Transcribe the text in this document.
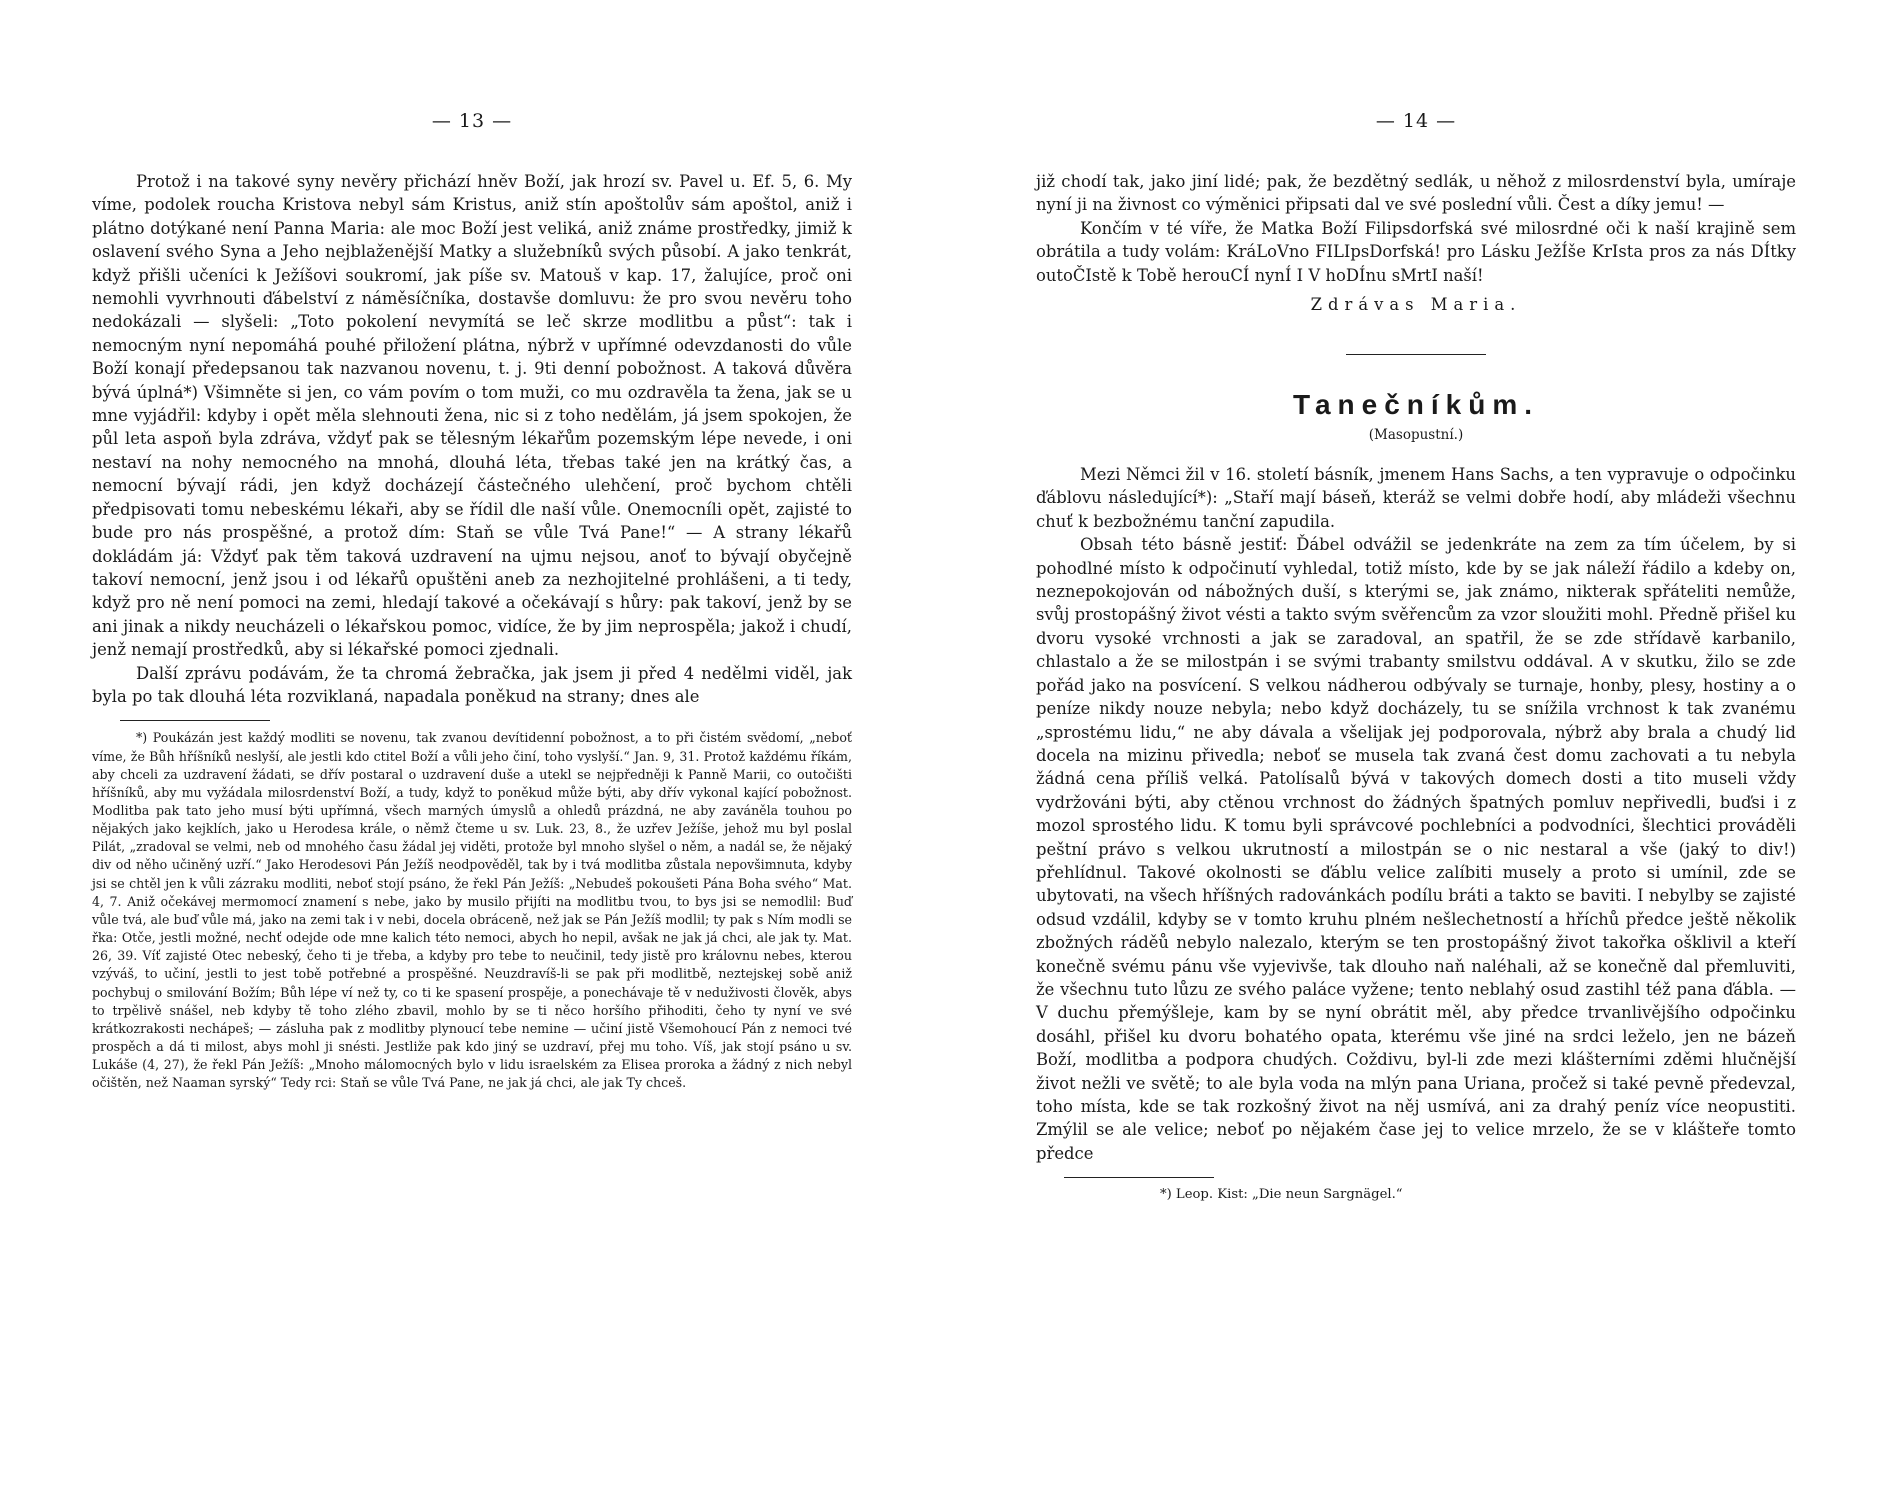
— 13 —

Protož i na takové syny nevěry přichází hněv Boží, jak hrozí sv. Pavel u. Ef. 5, 6. My víme, podolek roucha Kristova nebyl sám Kristus, aniž stín apoštolův sám apoštol, aniž i plátno dotýkané není Panna Maria: ale moc Boží jest veliká, aniž známe prostředky, jimiž k oslavení svého Syna a Jeho nejblaženější Matky a služebníků svých působí. A jako tenkrát, když přišli učeníci k Ježíšovi soukromí, jak píše sv. Matouš v kap. 17, žalujíce, proč oni nemohli vyvrhnouti ďábelství z náměsíčníka, dostavše domluvu: že pro svou nevěru toho nedokázali — slyšeli: „Toto pokolení nevymítá se leč skrze modlitbu a půst“: tak i nemocným nyní nepomáhá pouhé přiložení plátna, nýbrž v upřímné odevzdanosti do vůle Boží konají předepsanou tak nazvanou novenu, t. j. 9ti denní pobožnost. A taková důvěra bývá úplná*) Všimněte si jen, co vám povím o tom muži, co mu ozdravěla ta žena, jak se u mne vyjádřil: kdyby i opět měla slehnouti žena, nic si z toho nedělám, já jsem spokojen, že půl leta aspoň byla zdráva, vždyť pak se tělesným lékařům pozemským lépe nevede, i oni nestaví na nohy nemocného na mnohá, dlouhá léta, třebas také jen na krátký čas, a nemocní bývají rádi, jen když docházejí částečného ulehčení, proč bychom chtěli předpisovati tomu nebeskému lékaři, aby se řídil dle naší vůle. Onemocníli opět, zajisté to bude pro nás prospěšné, a protož dím: Staň se vůle Tvá Pane!“ — A strany lékařů dokládám já: Vždyť pak těm taková uzdravení na ujmu nejsou, anoť to bývají obyčejně takoví nemocní, jenž jsou i od lékařů opuštěni aneb za nezhojitelné prohlášeni, a ti tedy, když pro ně není pomoci na zemi, hledají takové a očekávají s hůry: pak takoví, jenž by se ani jinak a nikdy neucházeli o lékařskou pomoc, vidíce, že by jim neprospěla; jakož i chudí, jenž nemají prostředků, aby si lékařské pomoci zjednali.

Další zprávu podávám, že ta chromá žebračka, jak jsem ji před 4 nedělmi viděl, jak byla po tak dlouhá léta rozviklaná, napadala poněkud na strany; dnes ale

*) Poukázán jest každý modliti se novenu, tak zvanou devítidenní pobožnost, a to při čistém svědomí, „neboť víme, že Bůh hříšníků neslyší, ale jestli kdo ctitel Boží a vůli jeho činí, toho vyslyší.“ Jan. 9, 31. Protož každému říkám, aby chceli za uzdravení žádati, se dřív postaral o uzdravení duše a utekl se nejpředněji k Panně Marii, co outočišti hříšníků, aby mu vyžádala milosrdenství Boží, a tudy, když to poněkud může býti, aby dřív vykonal kající pobožnost. Modlitba pak tato jeho musí býti upřímná, všech marných úmyslů a ohledů prázdná, ne aby zaváněla touhou po nějakých jako kejklích, jako u Herodesa krále, o němž čteme u sv. Luk. 23, 8., že uzřev Ježíše, jehož mu byl poslal Pilát, „zradoval se velmi, neb od mnohého času žádal jej viděti, protože byl mnoho slyšel o něm, a nadál se, že nějaký div od něho učiněný uzří.“ Jako Herodesovi Pán Ježíš neodpověděl, tak by i tvá modlitba zůstala nepovšimnuta, kdyby jsi se chtěl jen k vůli zázraku modliti, neboť stojí psáno, že řekl Pán Ježíš: „Nebudeš pokoušeti Pána Boha svého“ Mat. 4, 7. Aniž očekávej mermomocí znamení s nebe, jako by musilo přijíti na modlitbu tvou, to bys jsi se nemodlil: Buď vůle tvá, ale buď vůle má, jako na zemi tak i v nebi, docela obráceně, než jak se Pán Ježíš modlil; ty pak s Ním modli se řka: Otče, jestli možné, nechť odejde ode mne kalich této nemoci, abych ho nepil, avšak ne jak já chci, ale jak ty. Mat. 26, 39. Víť zajisté Otec nebeský, čeho ti je třeba, a kdyby pro tebe to neučinil, tedy jistě pro královnu nebes, kterou vzýváš, to učiní, jestli to jest tobě potřebné a prospěšné. Neuzdravíš-li se pak při modlitbě, neztejskej sobě aniž pochybuj o smilování Božím; Bůh lépe ví než ty, co ti ke spasení prospěje, a ponechávaje tě v neduživosti člověk, abys to trpělivě snášel, neb kdyby tě toho zlého zbavil, mohlo by se ti něco horšího přihoditi, čeho ty nyní ve své krátkozrakosti nechápeš; — zásluha pak z modlitby plynoucí tebe nemine — učiní jistě Všemohoucí Pán z nemoci tvé prospěch a dá ti milost, abys mohl ji snésti. Jestliže pak kdo jiný se uzdraví, přej mu toho. Víš, jak stojí psáno u sv. Lukáše (4, 27), že řekl Pán Ježíš: „Mnoho málomocných bylo v lidu israelském za Elisea proroka a žádný z nich nebyl očištěn, než Naaman syrský“ Tedy rci: Staň se vůle Tvá Pane, ne jak já chci, ale jak Ty chceš.

— 14 —

již chodí tak, jako jiní lidé; pak, že bezdětný sedlák, u něhož z milosrdenství byla, umíraje nyní ji na živnost co výměnici připsati dal ve své poslední vůli. Čest a díky jemu! —

Končím v té víře, že Matka Boží Filipsdorfská své milosrdné oči k naší krajině sem obrátila a tudy volám: KráLoVno FILIpsDorfská! pro Lásku JežÍše KrIsta pros za nás DÍtky outoČIstě k Tobě herouCÍ nynÍ I V hoDÍnu sMrtI naší!

Zdrávas Maria.

Tanečníkům.
(Masopustní.)

Mezi Němci žil v 16. století básník, jmenem Hans Sachs, a ten vypravuje o odpočinku ďáblovu následující*): „Staří mají báseň, kteráž se velmi dobře hodí, aby mládeži všechnu chuť k bezbožnému tanční zapudila.

Obsah této básně jestiť: Ďábel odvážil se jedenkráte na zem za tím účelem, by si pohodlné místo k odpočinutí vyhledal, totiž místo, kde by se jak náleží řádilo a kdeby on, neznepokojován od nábožných duší, s kterými se, jak známo, nikterak spřáteliti nemůže, svůj prostopášný život vésti a takto svým svěřencům za vzor sloužiti mohl. Předně přišel ku dvoru vysoké vrchnosti a jak se zaradoval, an spatřil, že se zde střídavě karbanilo, chlastalo a že se milostpán i se svými trabanty smilstvu oddával. A v skutku, žilo se zde pořád jako na posvícení. S velkou nádherou odbývaly se turnaje, honby, plesy, hostiny a o peníze nikdy nouze nebyla; nebo když docházely, tu se snížila vrchnost k tak zvanému „sprostému lidu,“ ne aby dávala a všelijak jej podporovala, nýbrž aby brala a chudý lid docela na mizinu přivedla; neboť se musela tak zvaná čest domu zachovati a tu nebyla žádná cena příliš velká. Patolísalů bývá v takových domech dosti a tito museli vždy vydržováni býti, aby ctěnou vrchnost do žádných špatných pomluv nepřivedli, buďsi i z mozol sprostého lidu. K tomu byli správcové pochlebníci a podvodníci, šlechtici prováděli peštní právo s velkou ukrutností a milostpán se o nic nestaral a vše (jaký to div!) přehlídnul. Takové okolnosti se ďáblu velice zalíbiti musely a proto si umínil, zde se ubytovati, na všech hříšných radovánkách podílu bráti a takto se baviti. I nebylby se zajisté odsud vzdálil, kdyby se v tomto kruhu plném nešlechetností a hříchů předce ještě několik zbožných ráděů nebylo nalezalo, kterým se ten prostopášný život takořka ošklivil a kteří konečně svému pánu vše vyjevivše, tak dlouho naň naléhali, až se konečně dal přemluviti, že všechnu tuto lůzu ze svého paláce vyžene; tento neblahý osud zastihl též pana ďábla. — V duchu přemýšleje, kam by se nyní obrátit měl, aby předce trvanlivějšího odpočinku dosáhl, přišel ku dvoru bohatého opata, kterému vše jiné na srdci leželo, jen ne bázeň Boží, modlitba a podpora chudých. Coždivu, byl-li zde mezi klášterními zděmi hlučnější život nežli ve světě; to ale byla voda na mlýn pana Uriana, pročež si také pevně předevzal, toho místa, kde se tak rozkošný život na něj usmívá, ani za drahý peníz více neopustiti. Zmýlil se ale velice; neboť po nějakém čase jej to velice mrzelo, že se v klášteře tomto předce

*) Leop. Kist: „Die neun Sargnägel.“
